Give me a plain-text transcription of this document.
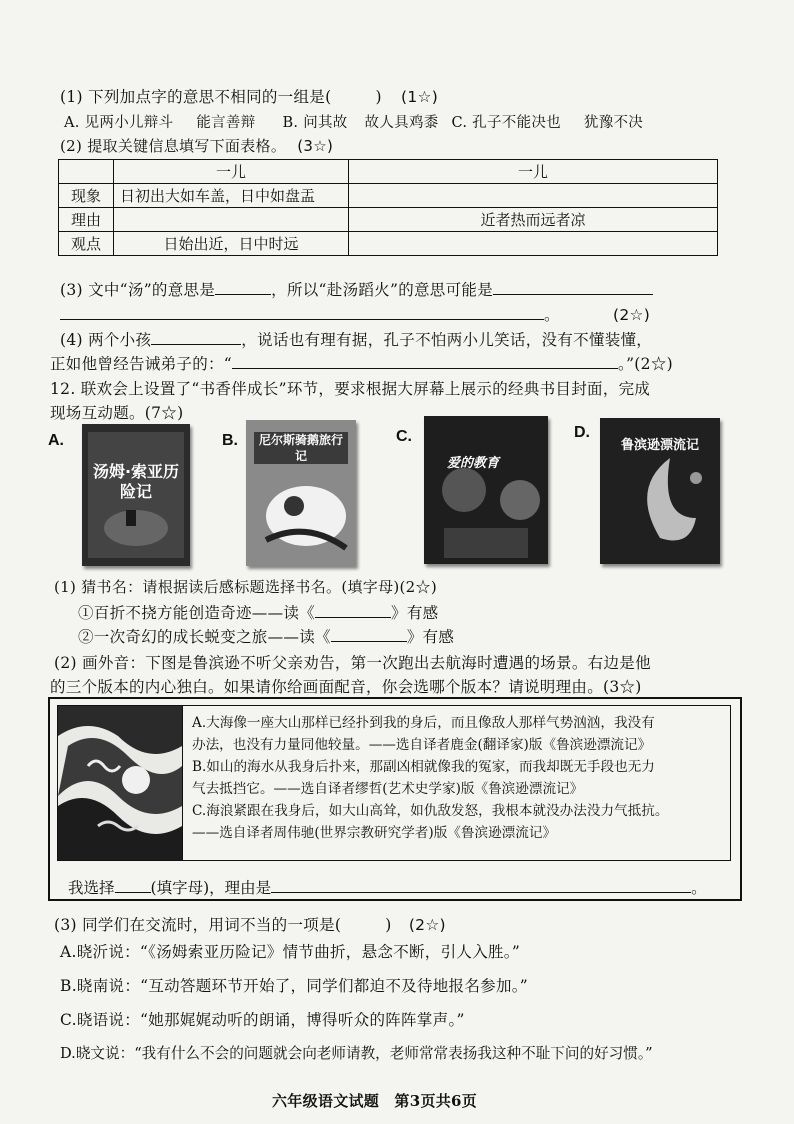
(1) 下列加点字的意思不相同的一组是(	) (1☆)
A. 见两小儿辩斗 能言善辩 B. 问其故 故人具鸡黍 C. 孔子不能决也 犹豫不决
(2) 提取关键信息填写下面表格。 (3☆)
	一儿	一儿
现象	日初出大如车盖，日中如盘盂	
理由		近者热而远者凉
观点	日始出近，日中时远	
(3) 文中“汤”的意思是	，所以“赴汤蹈火”的意思可能是
。	(2☆)
(4) 两个小孩	，说话也有理有据，孔子不怕两小儿笑话，没有不懂装懂，
正如他曾经告诫弟子的：“	。”(2☆)
12. 联欢会上设置了“书香伴成长”环节，要求根据大屏幕上展示的经典书目封面，完成
现场互动题。(7☆)
A.
汤姆·索亚历险记
B.	尼尔斯骑鹅旅行记
C.
爱的教育
D.
鲁滨逊漂流记
(1) 猜书名：请根据读后感标题选择书名。(填字母)(2☆)
①百折不挠方能创造奇迹——读《	》有感
②一次奇幻的成长蜕变之旅——读《	》有感
(2) 画外音：下图是鲁滨逊不听父亲劝告，第一次跑出去航海时遭遇的场景。右边是他
的三个版本的内心独白。如果请你给画面配音，你会选哪个版本？请说明理由。(3☆)
A.大海像一座大山那样已经扑到我的身后，而且像敌人那样气势汹汹，我没有
办法，也没有力量同他较量。——选自译者鹿金(翻译家)版《鲁滨逊漂流记》
B.如山的海水从我身后扑来，那副凶相就像我的冤家，而我却既无手段也无力
气去抵挡它。——选自译者缪哲(艺术史学家)版《鲁滨逊漂流记》
C.海浪紧跟在我身后，如大山高耸，如仇敌发怒，我根本就没办法没力气抵抗。
——选自译者周伟驰(世界宗教研究学者)版《鲁滨逊漂流记》
我选择 (填字母)，理由是	。
(3) 同学们在交流时，用词不当的一项是(	) (2☆)
A.晓沂说：“《汤姆索亚历险记》情节曲折，悬念不断，引人入胜。”
B.晓南说：“互动答题环节开始了，同学们都迫不及待地报名参加。”
C.晓语说：“她那娓娓动听的朗诵，博得听众的阵阵掌声。”
D.晓文说：“我有什么不会的问题就会向老师请教，老师常常表扬我这种不耻下问的好习惯。”
六年级语文试题　第3页共6页
